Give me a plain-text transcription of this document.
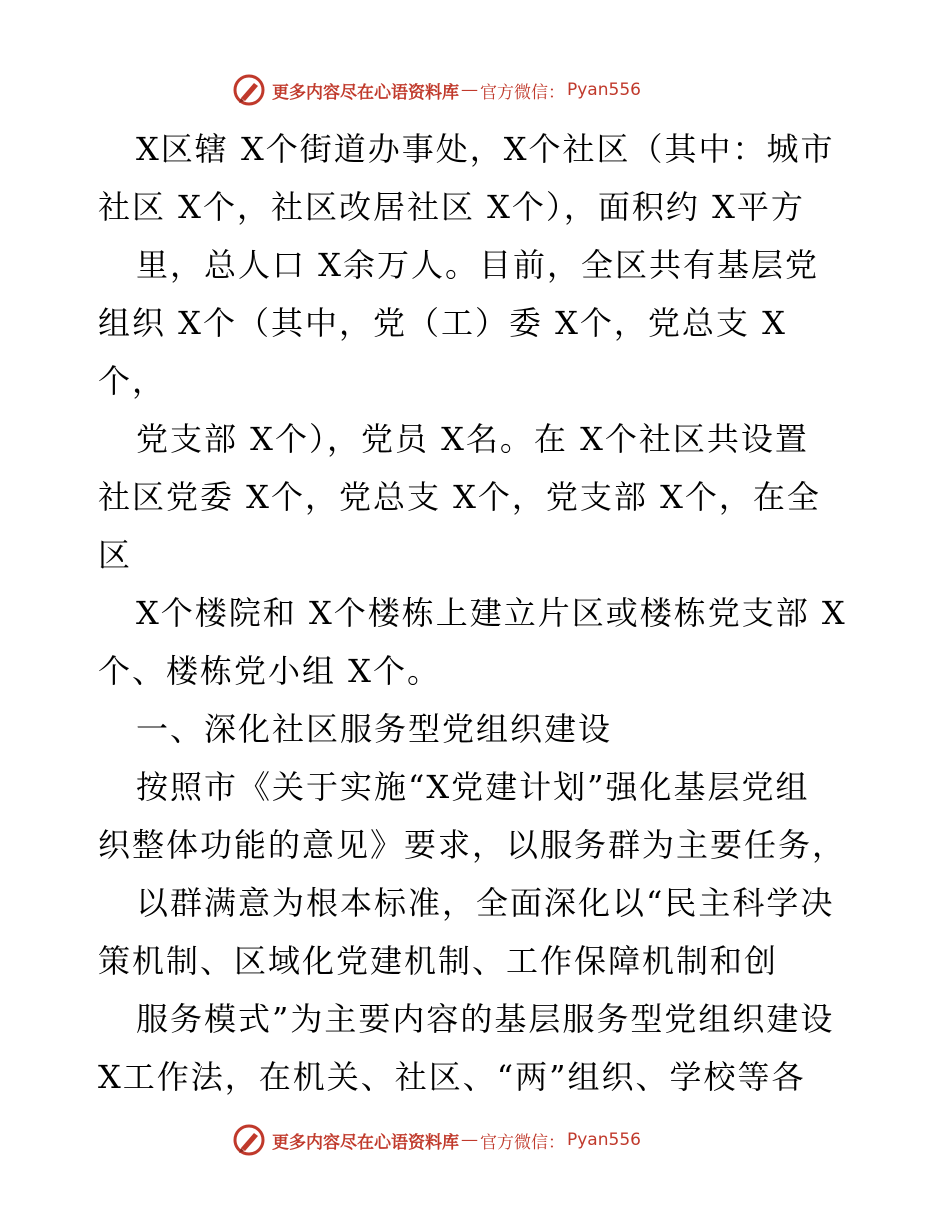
更多内容尽在心语资料库 — 官方微信： Pyan556
X区辖 X个街道办事处，X个社区（其中：城市
社区 X个，社区改居社区 X个），面积约 X平方
里，总人口 X余万人。目前，全区共有基层党
组织 X个（其中，党（工）委 X个，党总支 X
个，
党支部 X个），党员 X名。在 X个社区共设置
社区党委 X个，党总支 X个，党支部 X个，在全
区
X个楼院和 X个楼栋上建立片区或楼栋党支部 X
个、楼栋党小组 X个。
一、深化社区服务型党组织建设
按照市《关于实施“X党建计划”强化基层党组
织整体功能的意见》要求，以服务群为主要任务，
以群满意为根本标准，全面深化以“民主科学决
策机制、区域化党建机制、工作保障机制和创
服务模式”为主要内容的基层服务型党组织建设
X工作法，在机关、社区、“两”组织、学校等各
更多内容尽在心语资料库 — 官方微信： Pyan556
